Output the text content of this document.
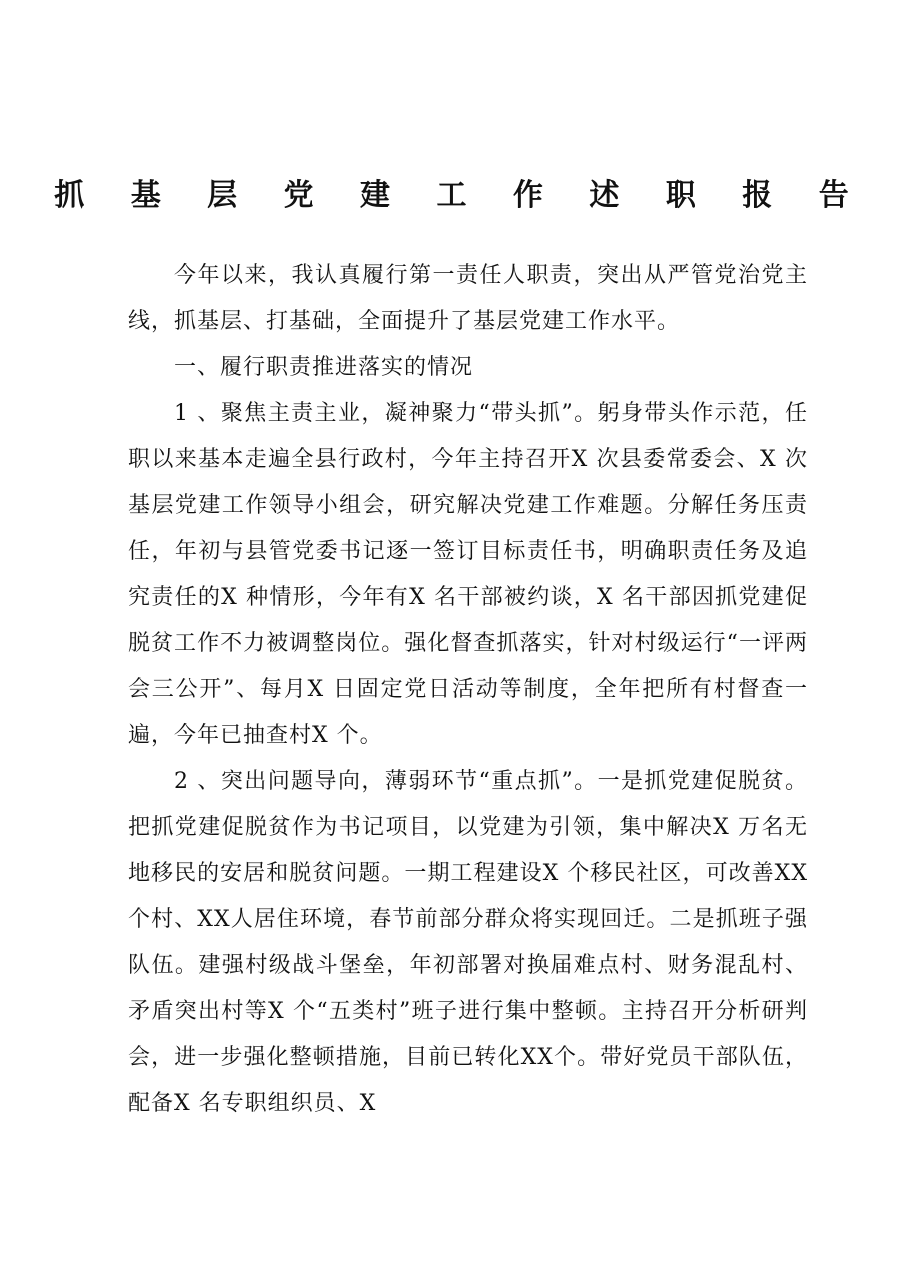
抓 基 层 党 建 工 作 述 职 报 告

今年以来，我认真履行第一责任人职责，突出从严管党治党主线，抓基层、打基础，全面提升了基层党建工作水平。

一、履行职责推进落实的情况

1 、聚焦主责主业，凝神聚力“带头抓”。躬身带头作示范，任职以来基本走遍全县行政村，今年主持召开X 次县委常委会、X 次基层党建工作领导小组会，研究解决党建工作难题。分解任务压责任，年初与县管党委书记逐一签订目标责任书，明确职责任务及追究责任的X 种情形，今年有X 名干部被约谈，X 名干部因抓党建促脱贫工作不力被调整岗位。强化督查抓落实，针对村级运行“一评两会三公开”、每月X 日固定党日活动等制度，全年把所有村督查一遍，今年已抽查村X 个。

2 、突出问题导向，薄弱环节“重点抓”。一是抓党建促脱贫。把抓党建促脱贫作为书记项目，以党建为引领，集中解决X 万名无地移民的安居和脱贫问题。一期工程建设X 个移民社区，可改善XX个村、XX人居住环境，春节前部分群众将实现回迁。二是抓班子强队伍。建强村级战斗堡垒，年初部署对换届难点村、财务混乱村、矛盾突出村等X 个“五类村”班子进行集中整顿。主持召开分析研判会，进一步强化整顿措施，目前已转化XX个。带好党员干部队伍，配备X 名专职组织员、X
